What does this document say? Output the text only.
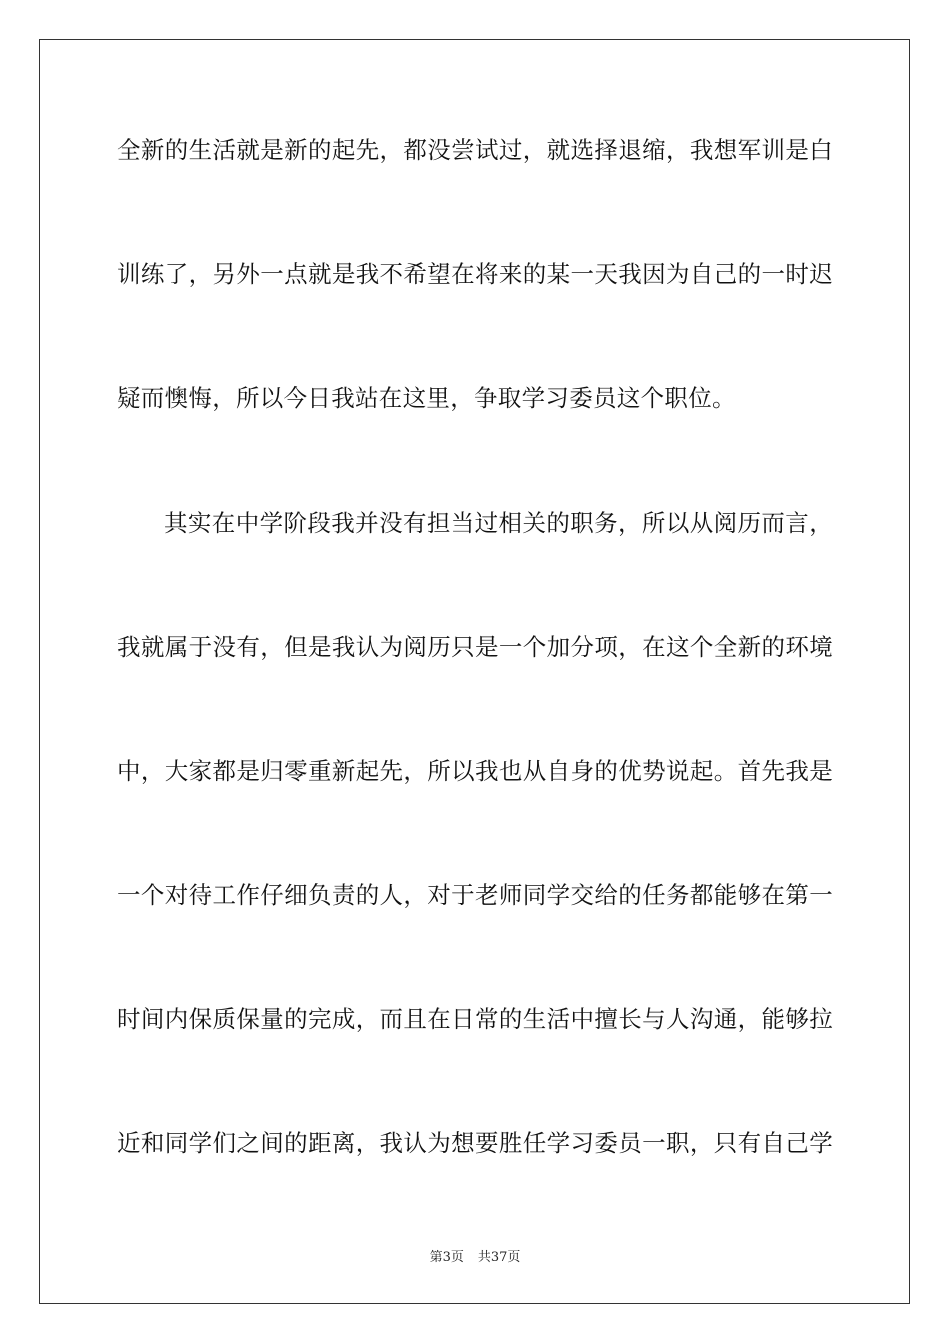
全新的生活就是新的起先，都没尝试过，就选择退缩，我想军训是白
训练了，另外一点就是我不希望在将来的某一天我因为自己的一时迟
疑而懊悔，所以今日我站在这里，争取学习委员这个职位。
其实在中学阶段我并没有担当过相关的职务，所以从阅历而言，
我就属于没有，但是我认为阅历只是一个加分项，在这个全新的环境
中，大家都是归零重新起先，所以我也从自身的优势说起。首先我是
一个对待工作仔细负责的人，对于老师同学交给的任务都能够在第一
时间内保质保量的完成，而且在日常的生活中擅长与人沟通，能够拉
近和同学们之间的距离，我认为想要胜任学习委员一职，只有自己学
第3页 共37页
